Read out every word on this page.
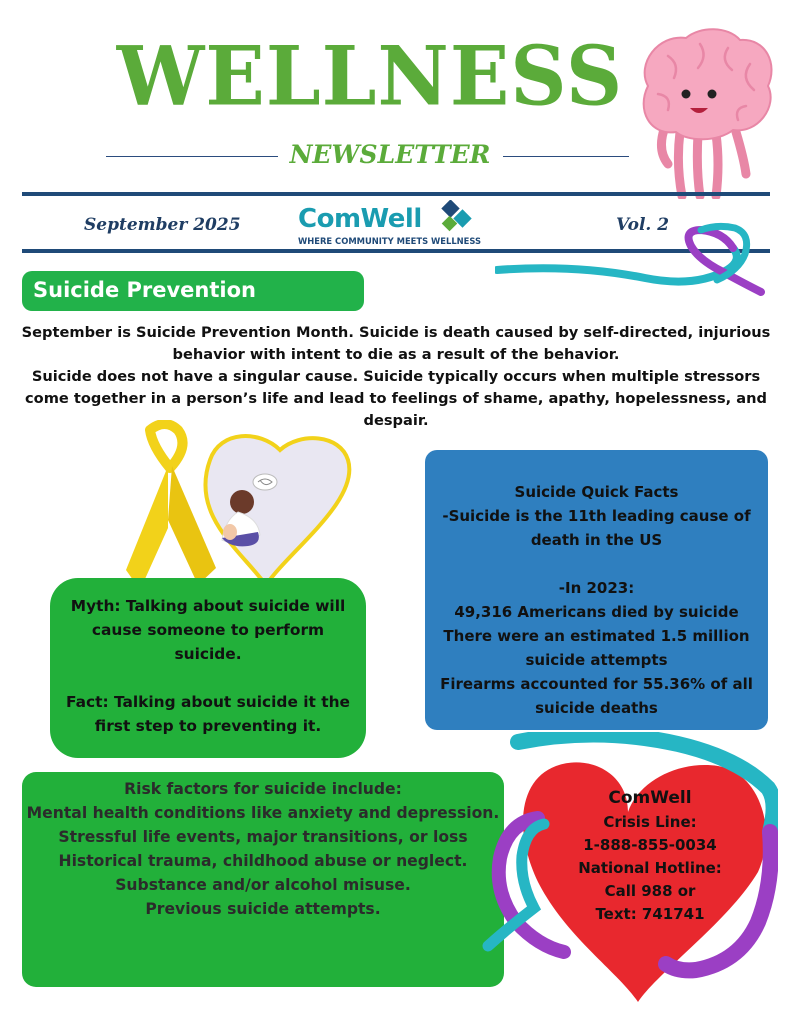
WELLNESS
NEWSLETTER
September 2025 ComWell
WHERE COMMUNITY MEETS WELLNESS
Vol. 2
Suicide Prevention

September is Suicide Prevention Month. Suicide is death caused by self-directed, injurious behavior with intent to die as a result of the behavior.

Suicide does not have a singular cause. Suicide typically occurs when multiple stressors come together in a person’s life and lead to feelings of shame, apathy, hopelessness, and despair.

Myth: Talking about suicide will cause someone to perform suicide.

Fact: Talking about suicide it the first step to preventing it.

Suicide Quick Facts

-Suicide is the 11th leading cause of death in the US

-In 2023:

49,316 Americans died by suicide

There were an estimated 1.5 million suicide attempts

Firearms accounted for 55.36% of all suicide deaths

Risk factors for suicide include:

Mental health conditions like anxiety and depression.

Stressful life events, major transitions, or loss

Historical trauma, childhood abuse or neglect.

Substance and/or alcohol misuse.

Previous suicide attempts.

ComWell

Crisis Line:

1-888-855-0034

National Hotline:

Call 988 or

Text: 741741
